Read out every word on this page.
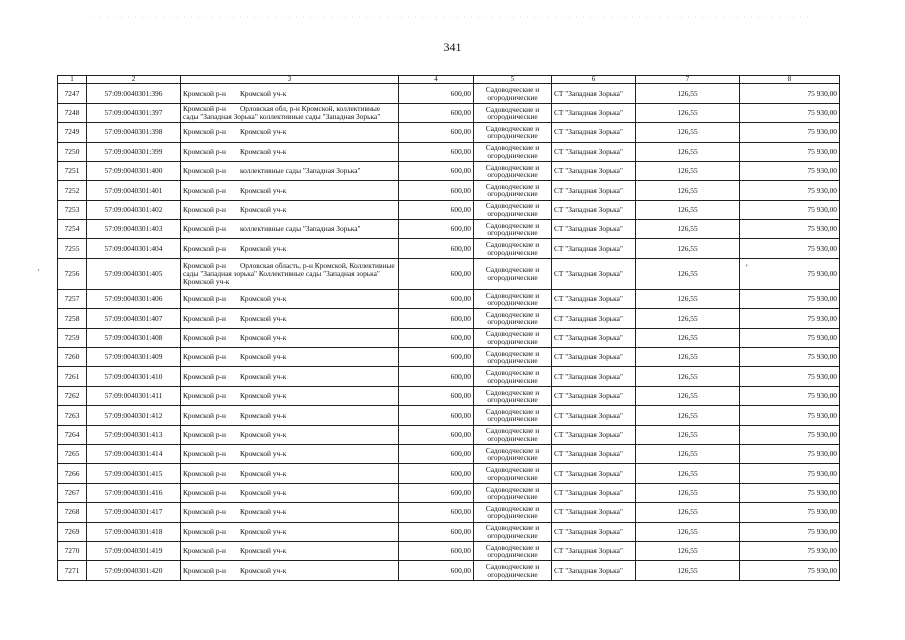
341
1	2	3	4	5	6	7	8
7247	57:09:0040301:396	Кромской р-н Кромской уч-к	600,00	Садоводческие и огороднические	СТ "Западная Зорька"	126,55	75 930,00
7248	57:09:0040301:397	Кромской р-н Орловская обл, р-н Кромской, коллективные сады "Западная Зорька" коллективные сады "Западная Зорька"	600,00	Садоводческие и огороднические	СТ "Западная Зорька"	126,55	75 930,00
7249	57:09:0040301:398	Кромской р-н Кромской уч-к	600,00	Садоводческие и огороднические	СТ "Западная Зорька"	126,55	75 930,00
7250	57:09:0040301:399	Кромской р-н Кромской уч-к	600,00	Садоводческие и огороднические	СТ "Западная Зорька"	126,55	75 930,00
7251	57:09:0040301:400	Кромской р-н коллективные сады "Западная Зорька"	600,00	Садоводческие и огороднические	СТ "Западная Зорька"	126,55	75 930,00
7252	57:09:0040301:401	Кромской р-н Кромской уч-к	600,00	Садоводческие и огороднические	СТ "Западная Зорька"	126,55	75 930,00
7253	57:09:0040301:402	Кромской р-н Кромской уч-к	600,00	Садоводческие и огороднические	СТ "Западная Зорька"	126,55	75 930,00
7254	57:09:0040301:403	Кромской р-н коллективные сады "Западная Зорька"	600,00	Садоводческие и огороднические	СТ "Западная Зорька"	126,55	75 930,00
7255	57:09:0040301:404	Кромской р-н Кромской уч-к	600,00	Садоводческие и огороднические	СТ "Западная Зорька"	126,55	75 930,00
7256	57:09:0040301:405	Кромской р-н Орловская область, р-н Кромской, Коллективные сады "Западная зорька" Коллективные сады "Западная зорька" Кромской уч-к	600,00	Садоводческие и огороднические	СТ "Западная Зорька"	126,55	75 930,00
7257	57:09:0040301:406	Кромской р-н Кромской уч-к	600,00	Садоводческие и огороднические	СТ "Западная Зорька"	126,55	75 930,00
7258	57:09:0040301:407	Кромской р-н Кромской уч-к	600,00	Садоводческие и огороднические	СТ "Западная Зорька"	126,55	75 930,00
7259	57:09:0040301:408	Кромской р-н Кромской уч-к	600,00	Садоводческие и огороднические	СТ "Западная Зорька"	126,55	75 930,00
7260	57:09:0040301:409	Кромской р-н Кромской уч-к	600,00	Садоводческие и огороднические	СТ "Западная Зорька"	126,55	75 930,00
7261	57:09:0040301:410	Кромской р-н Кромской уч-к	600,00	Садоводческие и огороднические	СТ "Западная Зорька"	126,55	75 930,00
7262	57:09:0040301:411	Кромской р-н Кромской уч-к	600,00	Садоводческие и огороднические	СТ "Западная Зорька"	126,55	75 930,00
7263	57:09:0040301:412	Кромской р-н Кромской уч-к	600,00	Садоводческие и огороднические	СТ "Западная Зорька"	126,55	75 930,00
7264	57:09:0040301:413	Кромской р-н Кромской уч-к	600,00	Садоводческие и огороднические	СТ "Западная Зорька"	126,55	75 930,00
7265	57:09:0040301:414	Кромской р-н Кромской уч-к	600,00	Садоводческие и огороднические	СТ "Западная Зорька"	126,55	75 930,00
7266	57:09:0040301:415	Кромской р-н Кромской уч-к	600,00	Садоводческие и огороднические	СТ "Западная Зорька"	126,55	75 930,00
7267	57:09:0040301:416	Кромской р-н Кромской уч-к	600,00	Садоводческие и огороднические	СТ "Западная Зорька"	126,55	75 930,00
7268	57:09:0040301:417	Кромской р-н Кромской уч-к	600,00	Садоводческие и огороднические	СТ "Западная Зорька"	126,55	75 930,00
7269	57:09:0040301:418	Кромской р-н Кромской уч-к	600,00	Садоводческие и огороднические	СТ "Западная Зорька"	126,55	75 930,00
7270	57:09:0040301:419	Кромской р-н Кромской уч-к	600,00	Садоводческие и огороднические	СТ "Западная Зорька"	126,55	75 930,00
7271	57:09:0040301:420	Кромской р-н Кромской уч-к	600,00	Садоводческие и огороднические	СТ "Западная Зорька"	126,55	75 930,00
·	'
